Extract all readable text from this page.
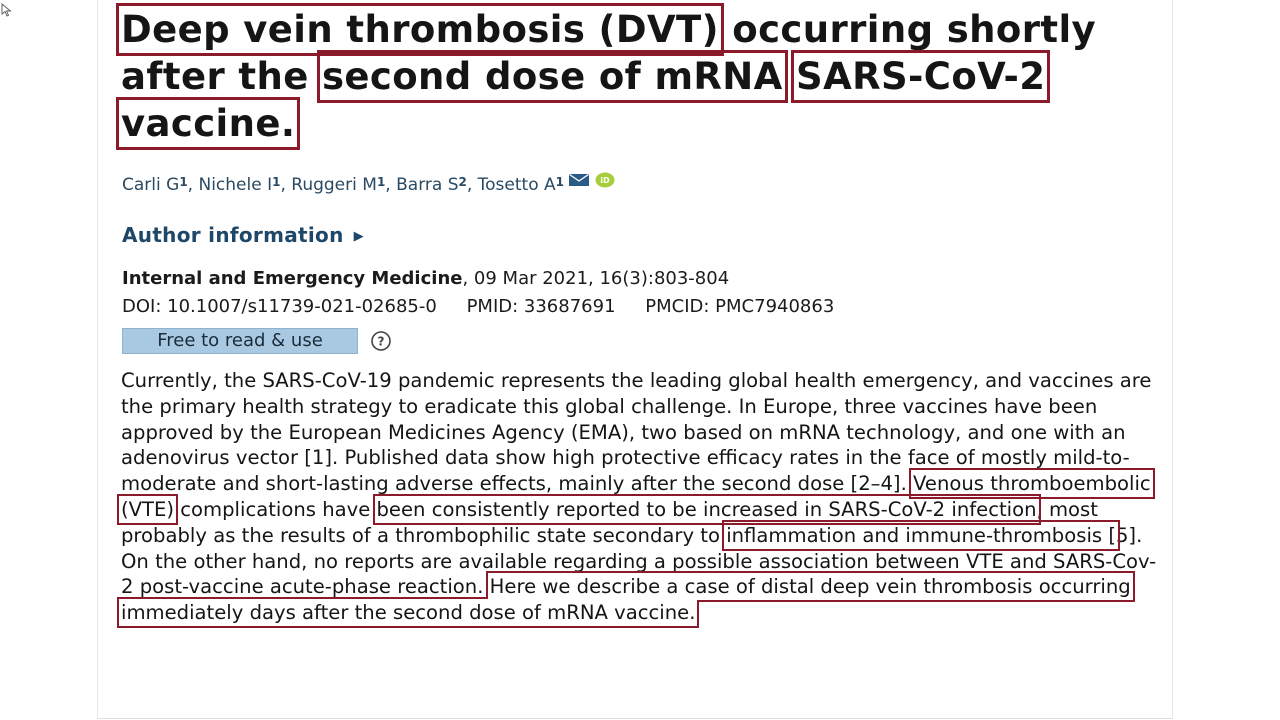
Deep vein thrombosis (DVT) occurring shortly after the second dose of mRNA SARS-CoV-2 vaccine.
Carli $G^1$, Nichele $I^1$, Ruggeri $M^1$, Barra $S^2$, Tosetto $A^1$	iD
Author information ▶
Internal and Emergency Medicine, 09 Mar 2021, 16(3):803-804
DOI: 10.1007/s11739-021-02685-0 PMID: 33687691 PMCID: PMC7940863
Free to read & use	?

Currently, the SARS-CoV-19 pandemic represents the leading global health emergency, and vaccines are the primary health strategy to eradicate this global challenge. In Europe, three vaccines have been approved by the European Medicines Agency (EMA), two based on mRNA technology, and one with an adenovirus vector [1]. Published data show high protective efficacy rates in the face of mostly mild-to-moderate and short-lasting adverse effects, mainly after the second dose [2–4]. Venous thromboembolic (VTE) complications have been consistently reported to be increased in SARS-CoV-2 infection, most probably as the results of a thrombophilic state secondary to inflammation and immune-thrombosis [5]. On the other hand, no reports are available regarding a possible association between VTE and SARS-Cov-2 post-vaccine acute-phase reaction. Here we describe a case of distal deep vein thrombosis occurring immediately days after the second dose of mRNA vaccine.
